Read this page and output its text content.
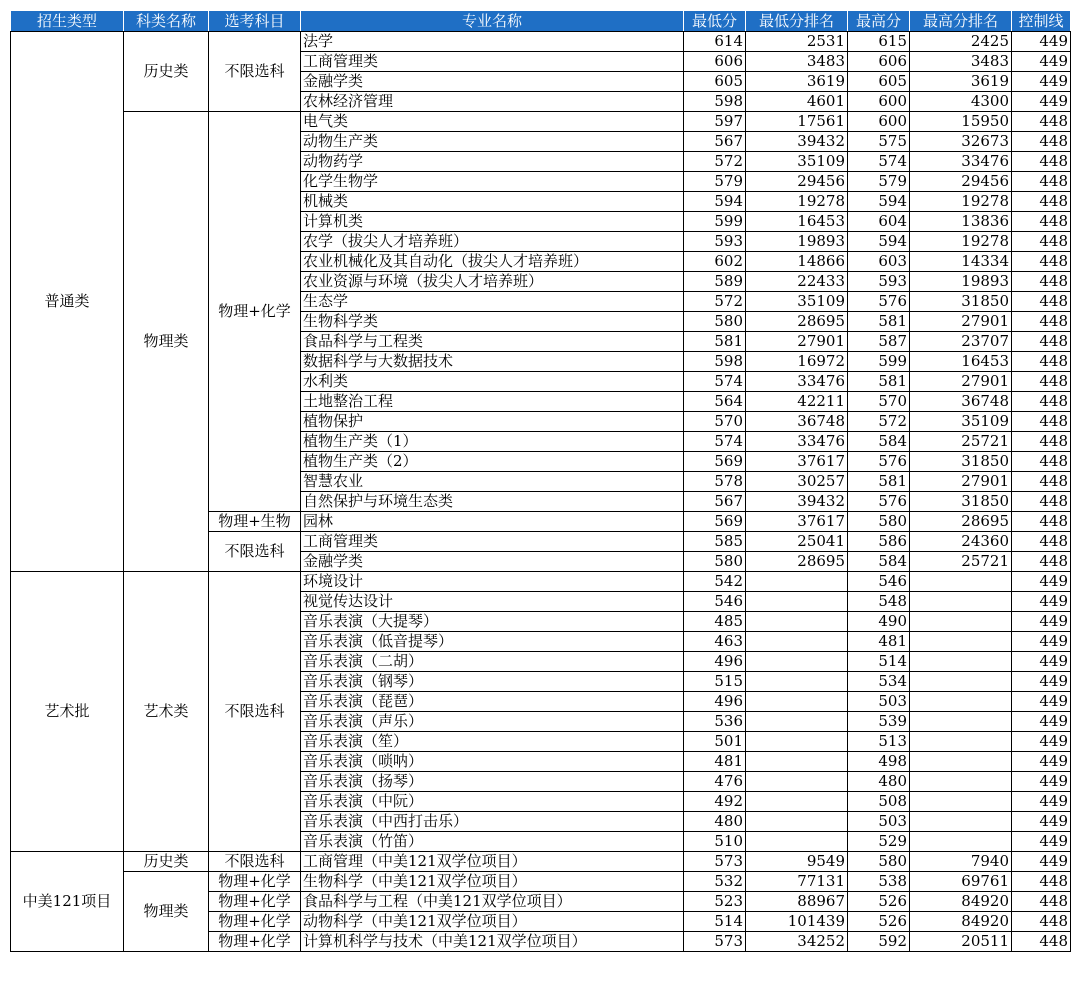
招生类型	科类名称	选考科目	专业名称	最低分	最低分排名	最高分	最高分排名	控制线
普通类	历史类	不限选科	法学	614	2531	615	2425	449
			工商管理类	606	3483	606	3483	449
			金融学类	605	3619	605	3619	449
			农林经济管理	598	4601	600	4300	449
	物理类	物理+化学	电气类	597	17561	600	15950	448
			动物生产类	567	39432	575	32673	448
			动物药学	572	35109	574	33476	448
			化学生物学	579	29456	579	29456	448
			机械类	594	19278	594	19278	448
			计算机类	599	16453	604	13836	448
			农学（拔尖人才培养班）	593	19893	594	19278	448
			农业机械化及其自动化（拔尖人才培养班）	602	14866	603	14334	448
			农业资源与环境（拔尖人才培养班）	589	22433	593	19893	448
			生态学	572	35109	576	31850	448
			生物科学类	580	28695	581	27901	448
			食品科学与工程类	581	27901	587	23707	448
			数据科学与大数据技术	598	16972	599	16453	448
			水利类	574	33476	581	27901	448
			土地整治工程	564	42211	570	36748	448
			植物保护	570	36748	572	35109	448
			植物生产类（1）	574	33476	584	25721	448
			植物生产类（2）	569	37617	576	31850	448
			智慧农业	578	30257	581	27901	448
			自然保护与环境生态类	567	39432	576	31850	448
		物理+生物	园林	569	37617	580	28695	448
		不限选科	工商管理类	585	25041	586	24360	448
			金融学类	580	28695	584	25721	448
艺术批	艺术类	不限选科	环境设计	542		546		449
			视觉传达设计	546		548		449
			音乐表演（大提琴）	485		490		449
			音乐表演（低音提琴）	463		481		449
			音乐表演（二胡）	496		514		449
			音乐表演（钢琴）	515		534		449
			音乐表演（琵琶）	496		503		449
			音乐表演（声乐）	536		539		449
			音乐表演（笙）	501		513		449
			音乐表演（唢呐）	481		498		449
			音乐表演（扬琴）	476		480		449
			音乐表演（中阮）	492		508		449
			音乐表演（中西打击乐）	480		503		449
			音乐表演（竹笛）	510		529		449
中美121项目	历史类	不限选科	工商管理（中美121双学位项目）	573	9549	580	7940	449
	物理类	物理+化学	生物科学（中美121双学位项目）	532	77131	538	69761	448
		物理+化学	食品科学与工程（中美121双学位项目）	523	88967	526	84920	448
		物理+化学	动物科学（中美121双学位项目）	514	101439	526	84920	448
		物理+化学	计算机科学与技术（中美121双学位项目）	573	34252	592	20511	448
